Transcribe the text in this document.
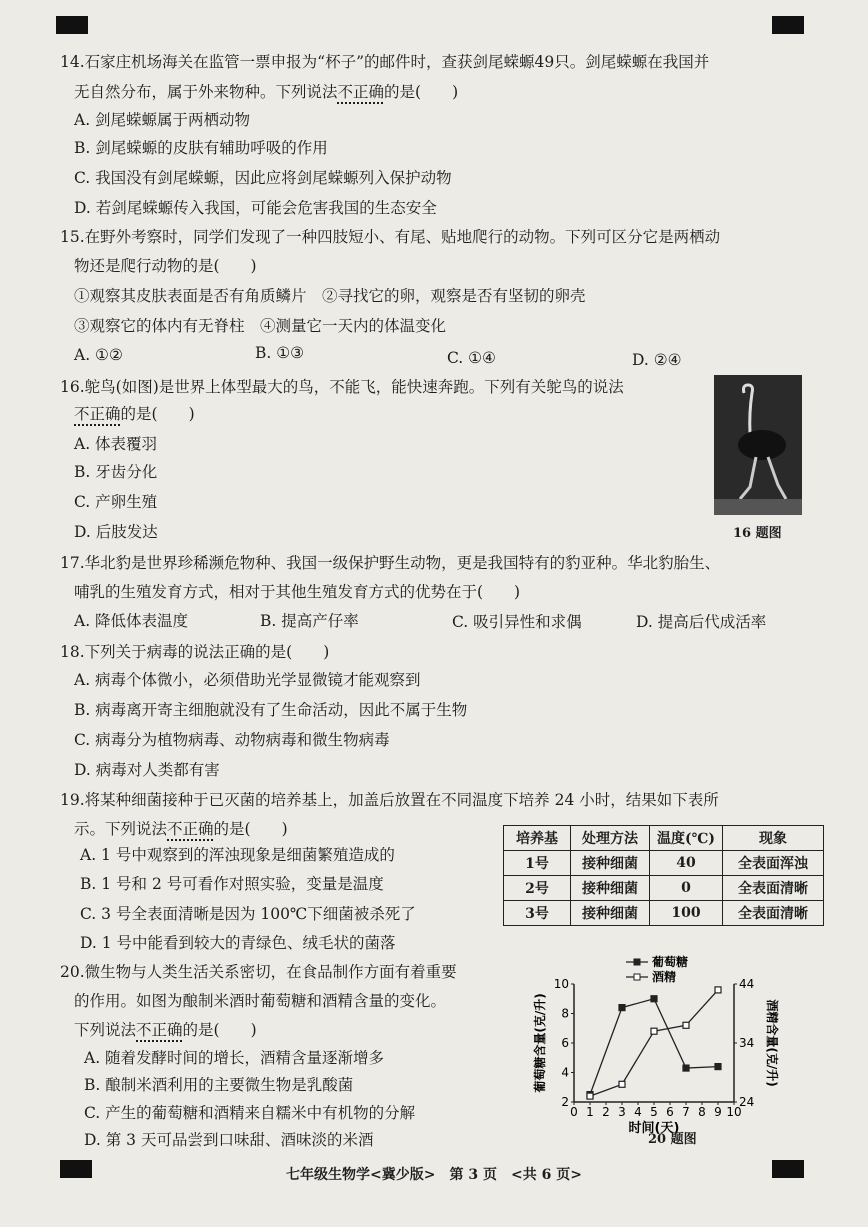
14.石家庄机场海关在监管一票申报为“杯子”的邮件时，查获剑尾蝾螈49只。剑尾蝾螈在我国并
无自然分布，属于外来物种。下列说法不正确的是(　　)
A. 剑尾蝾螈属于两栖动物
B. 剑尾蝾螈的皮肤有辅助呼吸的作用
C. 我国没有剑尾蝾螈，因此应将剑尾蝾螈列入保护动物
D. 若剑尾蝾螈传入我国，可能会危害我国的生态安全
15.在野外考察时，同学们发现了一种四肢短小、有尾、贴地爬行的动物。下列可区分它是两栖动
物还是爬行动物的是(　　)
①观察其皮肤表面是否有角质鳞片　②寻找它的卵，观察是否有坚韧的卵壳
③观察它的体内有无脊柱　④测量它一天内的体温变化
A. ①②	B. ①③	C. ①④	D. ②④
16.鸵鸟(如图)是世界上体型最大的鸟，不能飞，能快速奔跑。下列有关鸵鸟的说法
不正确的是(　　)
A. 体表覆羽
B. 牙齿分化
C. 产卵生殖
D. 后肢发达	16 题图
17.华北豹是世界珍稀濒危物种、我国一级保护野生动物，更是我国特有的豹亚种。华北豹胎生、
哺乳的生殖发育方式，相对于其他生殖发育方式的优势在于(　　)
A. 降低体表温度	B. 提高产仔率	C. 吸引异性和求偶	D. 提高后代成活率
18.下列关于病毒的说法正确的是(　　)
A. 病毒个体微小，必须借助光学显微镜才能观察到
B. 病毒离开寄主细胞就没有了生命活动，因此不属于生物
C. 病毒分为植物病毒、动物病毒和微生物病毒
D. 病毒对人类都有害
19.将某种细菌接种于已灭菌的培养基上，加盖后放置在不同温度下培养 24 小时，结果如下表所
示。下列说法不正确的是(　　)
A. 1 号中观察到的浑浊现象是细菌繁殖造成的
B. 1 号和 2 号可看作对照实验，变量是温度
C. 3 号全表面清晰是因为 100℃下细菌被杀死了
D. 1 号中能看到较大的青绿色、绒毛状的菌落
培养基	处理方法	温度(℃)	现象
1号	接种细菌	40	全表面浑浊
2号	接种细菌	0	全表面清晰
3号	接种细菌	100	全表面清晰
20.微生物与人类生活关系密切，在食品制作方面有着重要
的作用。如图为酿制米酒时葡萄糖和酒精含量的变化。
下列说法不正确的是(　　)
A. 随着发酵时间的增长，酒精含量逐渐增多
B. 酿制米酒利用的主要微生物是乳酸菌
C. 产生的葡萄糖和酒精来自糯米中有机物的分解
D. 第 3 天可品尝到口味甜、酒味淡的米酒
时间(天)
葡萄糖含量(克/升)	酒精含量(克/升)
0 1 2 3 4 5 6 7 8 9 10
2
4
6
8
10
24
34
44
葡萄糖
酒精
20 题图
七年级生物学<冀少版>　第 3 页　<共 6 页>
